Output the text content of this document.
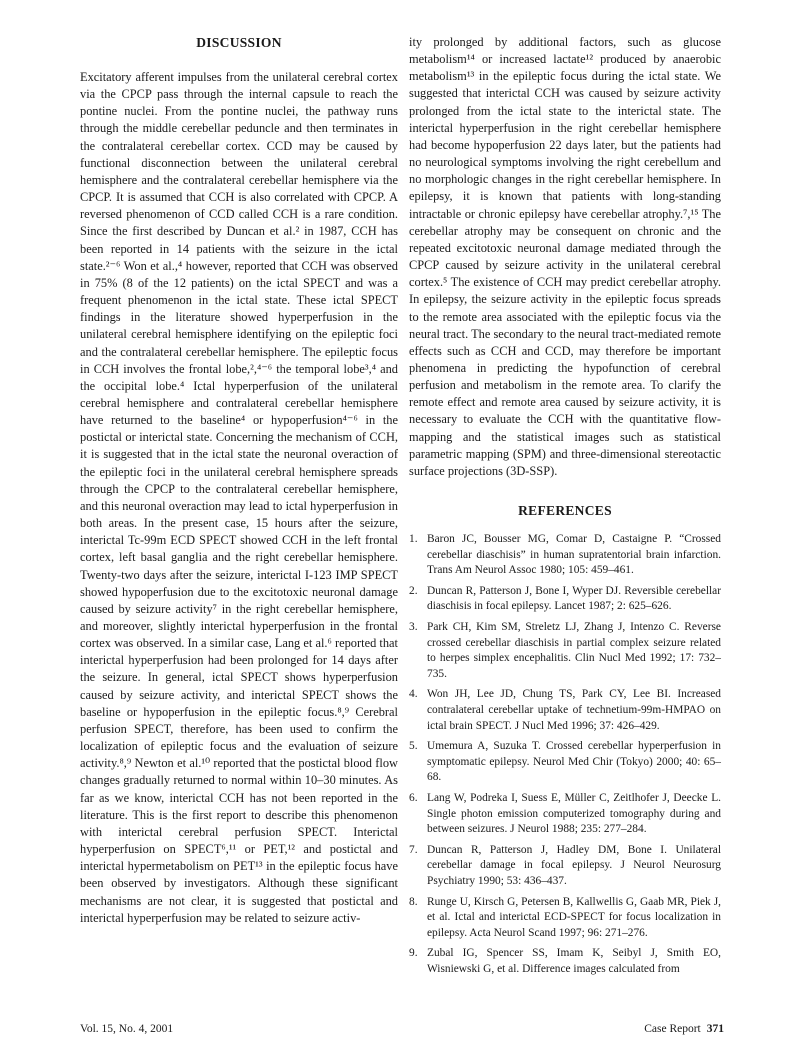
DISCUSSION

Excitatory afferent impulses from the unilateral cerebral cortex via the CPCP pass through the internal capsule to reach the pontine nuclei. From the pontine nuclei, the pathway runs through the middle cerebellar peduncle and then terminates in the contralateral cerebellar cortex. CCD may be caused by functional disconnection between the unilateral cerebral hemisphere and the contralateral cerebellar hemisphere via the CPCP. It is assumed that CCH is also correlated with CPCP. A reversed phenomenon of CCD called CCH is a rare condition. Since the first described by Duncan et al.² in 1987, CCH has been reported in 14 patients with the seizure in the ictal state.²⁻⁶ Won et al.,⁴ however, reported that CCH was observed in 75% (8 of the 12 patients) on the ictal SPECT and was a frequent phenomenon in the ictal state. These ictal SPECT findings in the literature showed hyperperfusion in the unilateral cerebral hemisphere identifying on the epileptic foci and the contralateral cerebellar hemisphere. The epileptic focus in CCH involves the frontal lobe,²,⁴⁻⁶ the temporal lobe³,⁴ and the occipital lobe.⁴ Ictal hyperperfusion of the unilateral cerebral hemisphere and contralateral cerebellar hemisphere have returned to the baseline⁴ or hypoperfusion⁴⁻⁶ in the postictal or interictal state. Concerning the mechanism of CCH, it is suggested that in the ictal state the neuronal overaction of the epileptic foci in the unilateral cerebral hemisphere spreads through the CPCP to the contralateral cerebellar hemisphere, and this neuronal overaction may lead to ictal hyperperfusion in both areas. In the present case, 15 hours after the seizure, interictal Tc-99m ECD SPECT showed CCH in the left frontal cortex, left basal ganglia and the right cerebellar hemisphere. Twenty-two days after the seizure, interictal I-123 IMP SPECT showed hypoperfusion due to the excitotoxic neuronal damage caused by seizure activity⁷ in the right cerebellar hemisphere, and moreover, slightly interictal hyperperfusion in the frontal cortex was observed. In a similar case, Lang et al.⁶ reported that interictal hyperperfusion had been prolonged for 14 days after the seizure. In general, ictal SPECT shows hyperperfusion caused by seizure activity, and interictal SPECT shows the baseline or hypoperfusion in the epileptic focus.⁸,⁹ Cerebral perfusion SPECT, therefore, has been used to confirm the localization of epileptic focus and the evaluation of seizure activity.⁸,⁹ Newton et al.¹⁰ reported that the postictal blood flow changes gradually returned to normal within 10–30 minutes. As far as we know, interictal CCH has not been reported in the literature. This is the first report to describe this phenomenon with interictal cerebral perfusion SPECT. Interictal hyperperfusion on SPECT⁶,¹¹ or PET,¹² and postictal and interictal hypermetabolism on PET¹³ in the epileptic focus have been observed by investigators. Although these significant mechanisms are not clear, it is suggested that postictal and interictal hyperperfusion may be related to seizure activ-

ity prolonged by additional factors, such as glucose metabolism¹⁴ or increased lactate¹² produced by anaerobic metabolism¹³ in the epileptic focus during the ictal state. We suggested that interictal CCH was caused by seizure activity prolonged from the ictal state to the interictal state. The interictal hyperperfusion in the right cerebellar hemisphere had become hypoperfusion 22 days later, but the patients had no neurological symptoms involving the right cerebellum and no morphologic changes in the right cerebellar hemisphere. In epilepsy, it is known that patients with long-standing intractable or chronic epilepsy have cerebellar atrophy.⁷,¹⁵ The cerebellar atrophy may be consequent on chronic and the repeated excitotoxic neuronal damage mediated through the CPCP caused by seizure activity in the unilateral cerebral cortex.⁵ The existence of CCH may predict cerebellar atrophy. In epilepsy, the seizure activity in the epileptic focus spreads to the remote area associated with the epileptic focus via the neural tract. The secondary to the neural tract-mediated remote effects such as CCH and CCD, may therefore be important phenomena in predicting the hypofunction of cerebral perfusion and metabolism in the remote area. To clarify the remote effect and remote area caused by seizure activity, it is necessary to evaluate the CCH with the quantitative flow-mapping and the statistical images such as statistical parametric mapping (SPM) and three-dimensional stereotactic surface projections (3D-SSP).

REFERENCES
1. Baron JC, Bousser MG, Comar D, Castaigne P. “Crossed cerebellar diaschisis” in human supratentorial brain infarction. Trans Am Neurol Assoc 1980; 105: 459–461.
2. Duncan R, Patterson J, Bone I, Wyper DJ. Reversible cerebellar diaschisis in focal epilepsy. Lancet 1987; 2: 625–626.
3. Park CH, Kim SM, Streletz LJ, Zhang J, Intenzo C. Reverse crossed cerebellar diaschisis in partial complex seizure related to herpes simplex encephalitis. Clin Nucl Med 1992; 17: 732–735.
4. Won JH, Lee JD, Chung TS, Park CY, Lee BI. Increased contralateral cerebellar uptake of technetium-99m-HMPAO on ictal brain SPECT. J Nucl Med 1996; 37: 426–429.
5. Umemura A, Suzuka T. Crossed cerebellar hyperperfusion in symptomatic epilepsy. Neurol Med Chir (Tokyo) 2000; 40: 65–68.
6. Lang W, Podreka I, Suess E, Müller C, Zeitlhofer J, Deecke L. Single photon emission computerized tomography during and between seizures. J Neurol 1988; 235: 277–284.
7. Duncan R, Patterson J, Hadley DM, Bone I. Unilateral cerebellar damage in focal epilepsy. J Neurol Neurosurg Psychiatry 1990; 53: 436–437.
8. Runge U, Kirsch G, Petersen B, Kallwellis G, Gaab MR, Piek J, et al. Ictal and interictal ECD-SPECT for focus localization in epilepsy. Acta Neurol Scand 1997; 96: 271–276.
9. Zubal IG, Spencer SS, Imam K, Seibyl J, Smith EO, Wisniewski G, et al. Difference images calculated from
Vol. 15, No. 4, 2001	Case Report 371
